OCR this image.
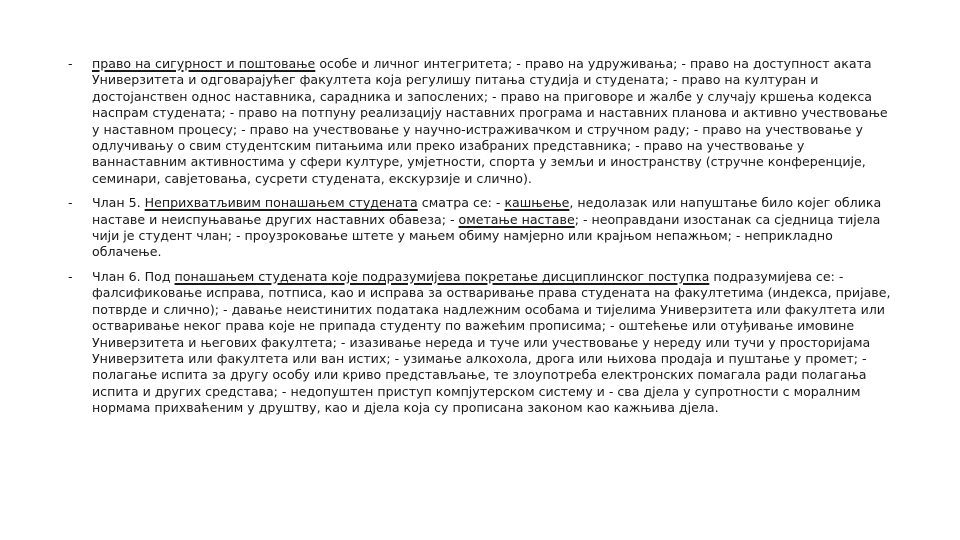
- право на сигурност и поштовање особе и личног интегритета; - право на удруживања; - право на доступност аката Универзитета и одговарајућег факултета која регулишу питања студија и студената; - право на културан и достојанствен однос наставника, сарадника и запослених; - право на приговоре и жалбе у случају кршења кодекса наспрам студената; - право на потпуну реализацију наставних програма и наставних планова и активно учествовање у наставном процесу; - право на учествовање у научно-истраживачком и стручном раду; - право на учествовање у одлучивању о свим студентским питањима или преко изабраних представника; - право на учествовање у ваннаставним активностима у сфери културе, умјетности, спорта у земљи и иностранству (стручне конференције, семинари, савјетовања, сусрети студената, екскурзије и слично).
- Члан 5. Неприхватљивим понашањем студената сматра се: - кашњење, недолазак или напуштање било којег облика наставе и неиспуњавање других наставних обавеза; - ометање наставе; - неоправдани изостанак са сједница тијела чији је студент члан; - проузроковање штете у мањем обиму намјерно или крајњом непажњом; - неприкладно облачење.
- Члан 6. Под понашањем студената које подразумијева покретање дисциплинског поступка подразумијева се: - фалсификовање исправа, потписа, као и исправа за остваривање права студената на факултетима (индекса, пријаве, потврде и слично); - давање неистинитих података надлежним особама и тијелима Универзитета или факултета или остваривање неког права које не припада студенту по важећим прописима; - оштећење или отуђивање имовине Универзитета и његових факултета; - изазивање нереда и туче или учествовање у нереду или тучи у просторијама Универзитета или факултета или ван истих; - узимање алкохола, дрога или њихова продаја и пуштање у промет; - полагање испита за другу особу или криво представљање, те злоупотреба електронских помагала ради полагања испита и других средстава; - недопуштен приступ компјутерском систему и - сва дјела у супротности с моралним нормама прихваћеним у друштву, као и дјела која су прописана законом као кажњива дјела.
